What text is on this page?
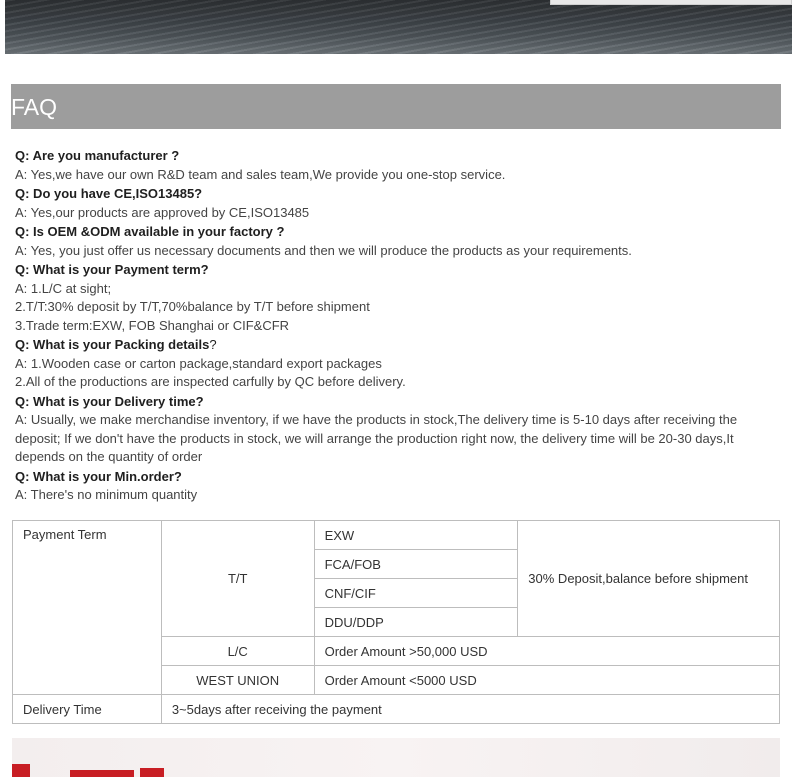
FAQ
Q: Are you manufacturer ?
A: Yes,we have our own R&D team and sales team,We provide you one-stop service.
Q: Do you have CE,ISO13485?
A: Yes,our products are approved by CE,ISO13485
Q: Is OEM &ODM available in your factory ?
A: Yes, you just offer us necessary documents and then we will produce the products as your requirements.
Q: What is your Payment term?
A: 1.L/C at sight;
2.T/T:30% deposit by T/T,70%balance by T/T before shipment
3.Trade term:EXW, FOB Shanghai or CIF&CFR
Q: What is your Packing details?
A: 1.Wooden case or carton package,standard export packages
2.All of the productions are inspected carfully by QC before delivery.
Q: What is your Delivery time?
A: Usually, we make merchandise inventory, if we have the products in stock,The delivery time is 5-10 days after receiving the deposit; If we don't have the products in stock, we will arrange the production right now, the delivery time will be 20-30 days,It depends on the quantity of order
Q: What is your Min.order?
A: There's no minimum quantity
Payment Term	T/T	EXW	30% Deposit,balance before shipment
		FCA/FOB	
		CNF/CIF	
		DDU/DDP	
	L/C	Order Amount >50,000 USD	
	WEST UNION	Order Amount <5000 USD	
Delivery Time	3~5days after receiving the payment		
